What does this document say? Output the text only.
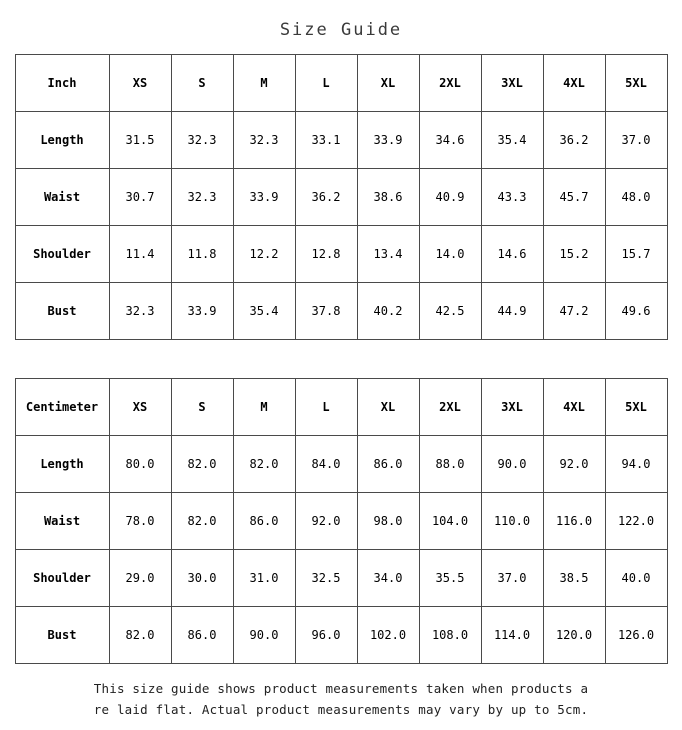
Size Guide
Inch	XS	S	M	L	XL	2XL	3XL	4XL	5XL
Length	31.5	32.3	32.3	33.1	33.9	34.6	35.4	36.2	37.0
Waist	30.7	32.3	33.9	36.2	38.6	40.9	43.3	45.7	48.0
Shoulder	11.4	11.8	12.2	12.8	13.4	14.0	14.6	15.2	15.7
Bust	32.3	33.9	35.4	37.8	40.2	42.5	44.9	47.2	49.6
Centimeter	XS	S	M	L	XL	2XL	3XL	4XL	5XL
Length	80.0	82.0	82.0	84.0	86.0	88.0	90.0	92.0	94.0
Waist	78.0	82.0	86.0	92.0	98.0	104.0	110.0	116.0	122.0
Shoulder	29.0	30.0	31.0	32.5	34.0	35.5	37.0	38.5	40.0
Bust	82.0	86.0	90.0	96.0	102.0	108.0	114.0	120.0	126.0
This size guide shows product measurements taken when products a
re laid flat. Actual product measurements may vary by up to 5cm.
